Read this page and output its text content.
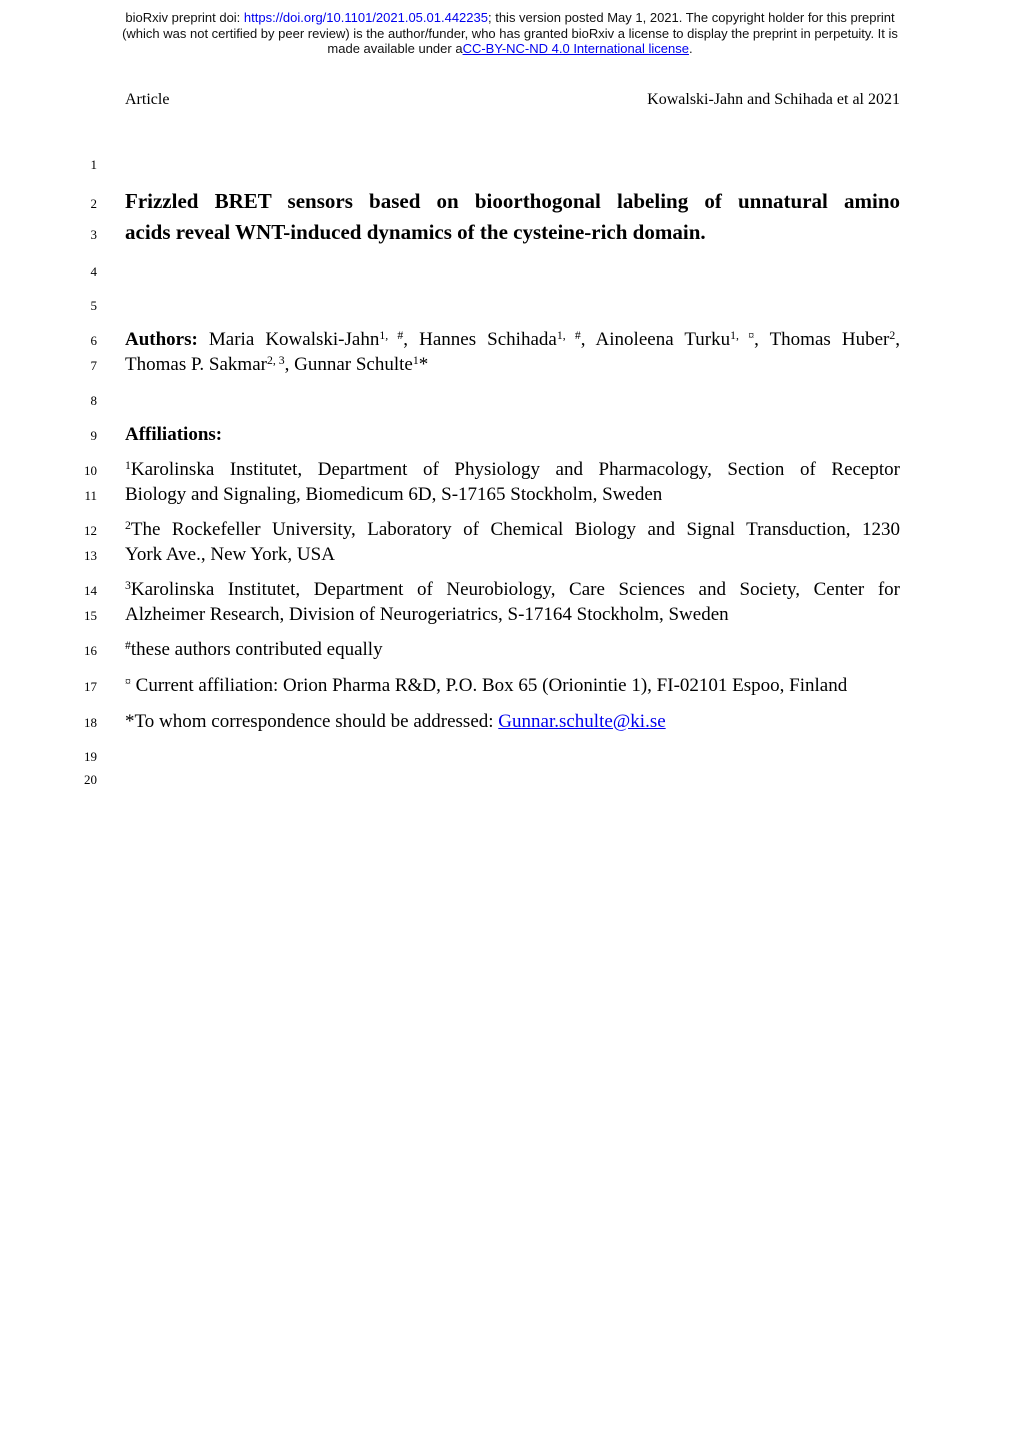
bioRxiv preprint doi: https://doi.org/10.1101/2021.05.01.442235; this version posted May 1, 2021. The copyright holder for this preprint
(which was not certified by peer review) is the author/funder, who has granted bioRxiv a license to display the preprint in perpetuity. It is
made available under aCC-BY-NC-ND 4.0 International license.
Article	Kowalski-Jahn and Schihada et al 2021
1
2 Frizzled BRET sensors based on bioorthogonal labeling of unnatural amino
3 acids reveal WNT-induced dynamics of the cysteine-rich domain.
4
5
6 Authors: Maria Kowalski-Jahn$^{1, \#}$, Hannes Schihada$^{1, \#}$, Ainoleena Turku$^{1, ¤}$, Thomas Huber$^2$,
7 Thomas P. Sakmar$^{2, 3}$, Gunnar Schulte$^1$*
8
9 Affiliations:
10 $^1$Karolinska Institutet, Department of Physiology and Pharmacology, Section of Receptor
11 Biology and Signaling, Biomedicum 6D, S-17165 Stockholm, Sweden
12 $^2$The Rockefeller University, Laboratory of Chemical Biology and Signal Transduction, 1230
13 York Ave., New York, USA
14 $^3$Karolinska Institutet, Department of Neurobiology, Care Sciences and Society, Center for
15 Alzheimer Research, Division of Neurogeriatrics, S-17164 Stockholm, Sweden
16 #these authors contributed equally
17 ¤ Current affiliation: Orion Pharma R&D, P.O. Box 65 (Orionintie 1), FI-02101 Espoo, Finland
18 *To whom correspondence should be addressed: Gunnar.schulte@ki.se
19
20
